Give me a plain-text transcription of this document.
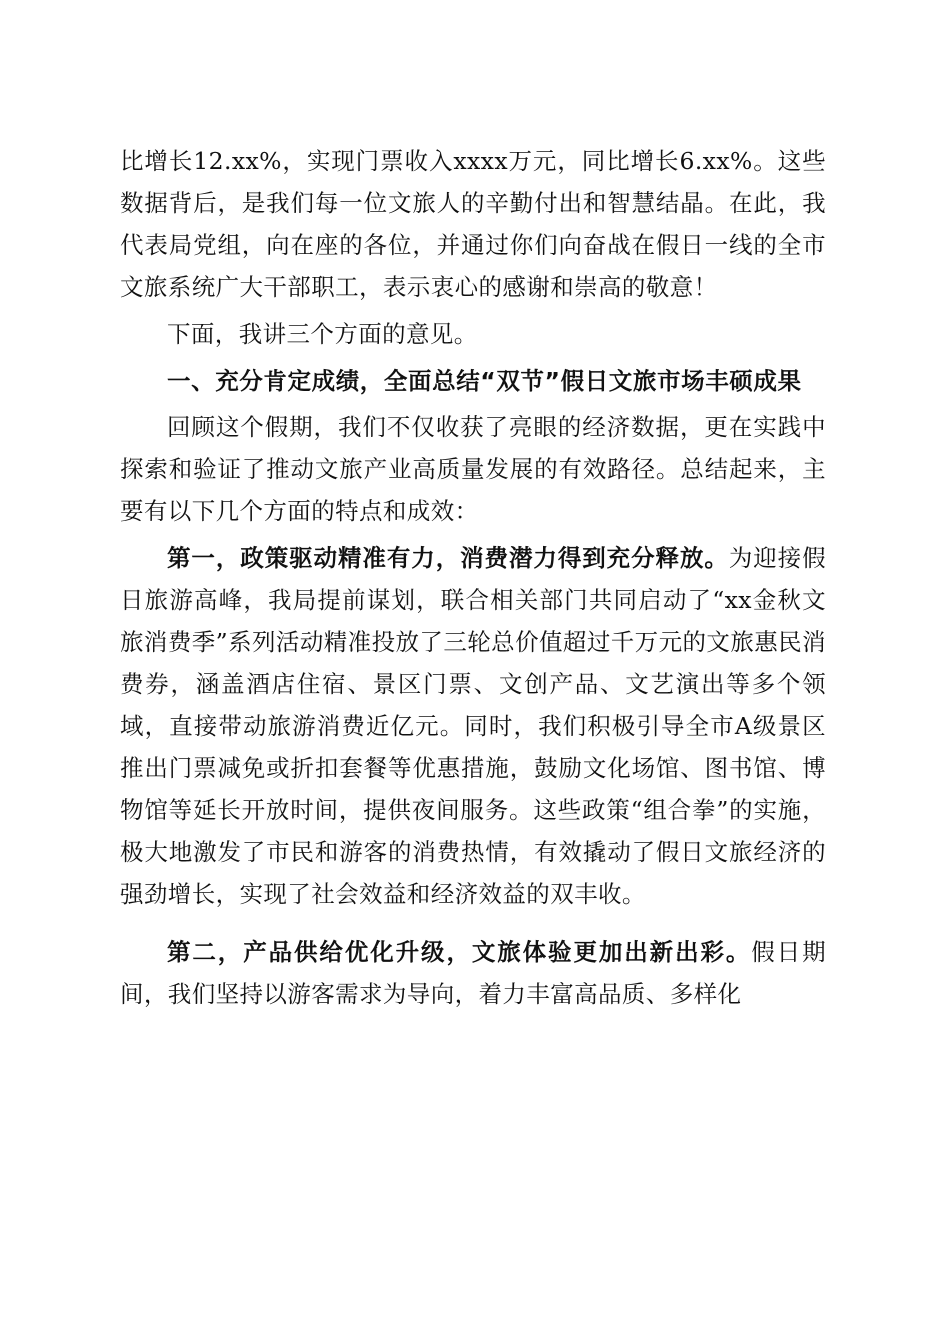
比增长12.xx%，实现门票收入xxxx万元，同比增长6.xx%。这些数据背后，是我们每一位文旅人的辛勤付出和智慧结晶。在此，我代表局党组，向在座的各位，并通过你们向奋战在假日一线的全市文旅系统广大干部职工，表示衷心的感谢和崇高的敬意！

下面，我讲三个方面的意见。

一、充分肯定成绩，全面总结“双节”假日文旅市场丰硕成果

回顾这个假期，我们不仅收获了亮眼的经济数据，更在实践中探索和验证了推动文旅产业高质量发展的有效路径。总结起来，主要有以下几个方面的特点和成效：

第一，政策驱动精准有力，消费潜力得到充分释放。为迎接假日旅游高峰，我局提前谋划，联合相关部门共同启动了“xx金秋文旅消费季”系列活动精准投放了三轮总价值超过千万元的文旅惠民消费券，涵盖酒店住宿、景区门票、文创产品、文艺演出等多个领域，直接带动旅游消费近亿元。同时，我们积极引导全市A级景区推出门票减免或折扣套餐等优惠措施，鼓励文化场馆、图书馆、博物馆等延长开放时间，提供夜间服务。这些政策“组合拳”的实施，极大地激发了市民和游客的消费热情，有效撬动了假日文旅经济的强劲增长，实现了社会效益和经济效益的双丰收。

第二，产品供给优化升级，文旅体验更加出新出彩。假日期间，我们坚持以游客需求为导向，着力丰富高品质、多样化
